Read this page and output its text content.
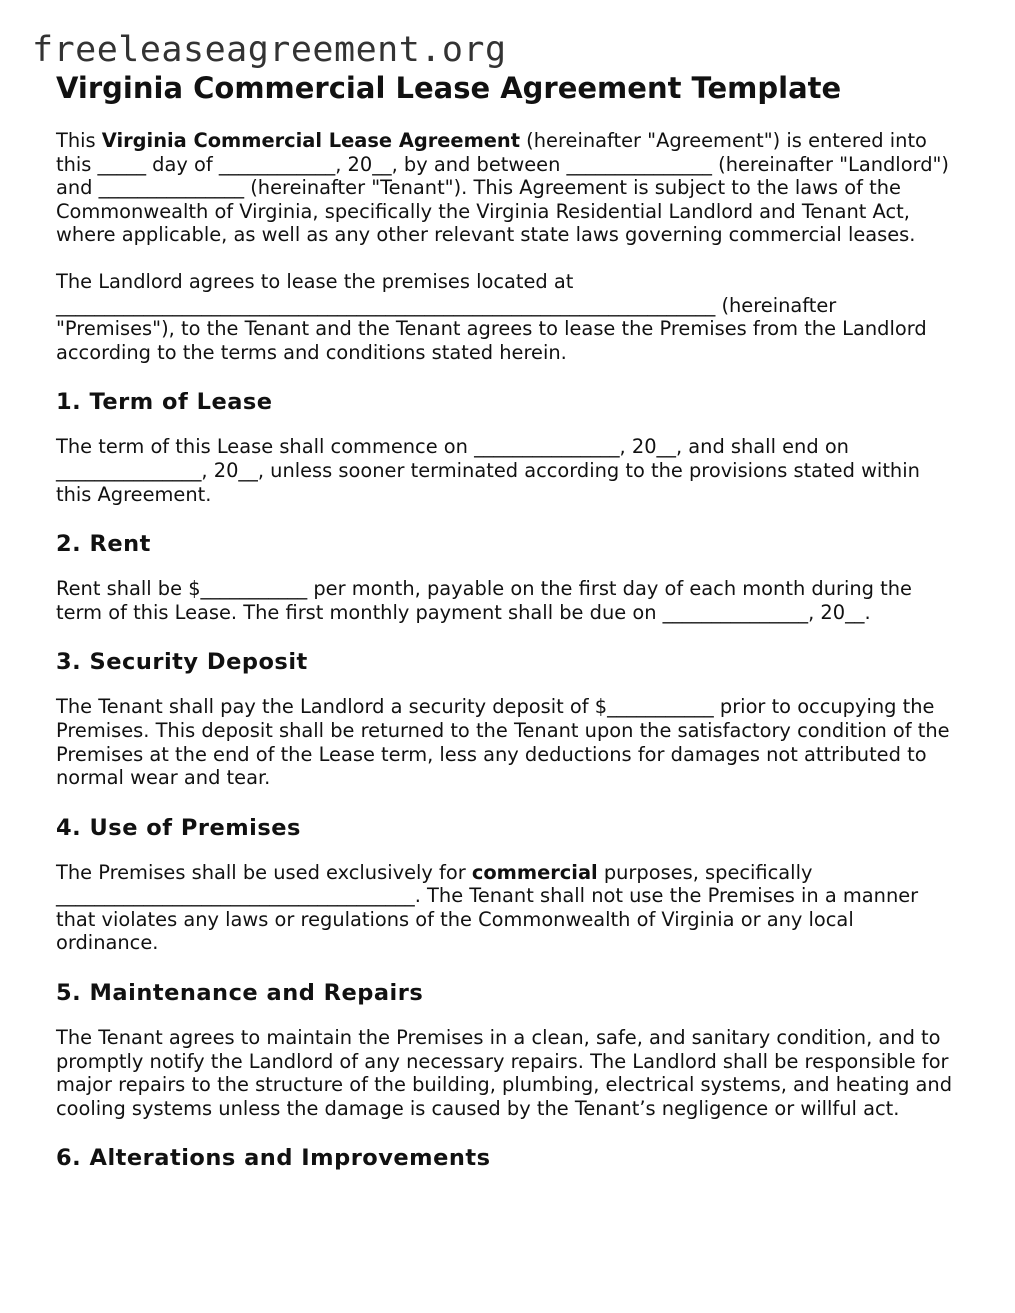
freeleaseagreement.org
Virginia Commercial Lease Agreement Template

This Virginia Commercial Lease Agreement (hereinafter "Agreement") is entered into this _____ day of ____________, 20__, by and between _______________ (hereinafter "Landlord") and _______________ (hereinafter "Tenant"). This Agreement is subject to the laws of the Commonwealth of Virginia, specifically the Virginia Residential Landlord and Tenant Act, where applicable, as well as any other relevant state laws governing commercial leases.

The Landlord agrees to lease the premises located at ____________________________________________________________________ (hereinafter "Premises"), to the Tenant and the Tenant agrees to lease the Premises from the Landlord according to the terms and conditions stated herein.

1. Term of Lease

The term of this Lease shall commence on _______________, 20__, and shall end on _______________, 20__, unless sooner terminated according to the provisions stated within this Agreement.

2. Rent

Rent shall be $___________ per month, payable on the first day of each month during the term of this Lease. The first monthly payment shall be due on _______________, 20__.

3. Security Deposit

The Tenant shall pay the Landlord a security deposit of $___________ prior to occupying the Premises. This deposit shall be returned to the Tenant upon the satisfactory condition of the Premises at the end of the Lease term, less any deductions for damages not attributed to normal wear and tear.

4. Use of Premises

The Premises shall be used exclusively for commercial purposes, specifically _____________________________________. The Tenant shall not use the Premises in a manner that violates any laws or regulations of the Commonwealth of Virginia or any local ordinance.

5. Maintenance and Repairs

The Tenant agrees to maintain the Premises in a clean, safe, and sanitary condition, and to promptly notify the Landlord of any necessary repairs. The Landlord shall be responsible for major repairs to the structure of the building, plumbing, electrical systems, and heating and cooling systems unless the damage is caused by the Tenant’s negligence or willful act.

6. Alterations and Improvements
